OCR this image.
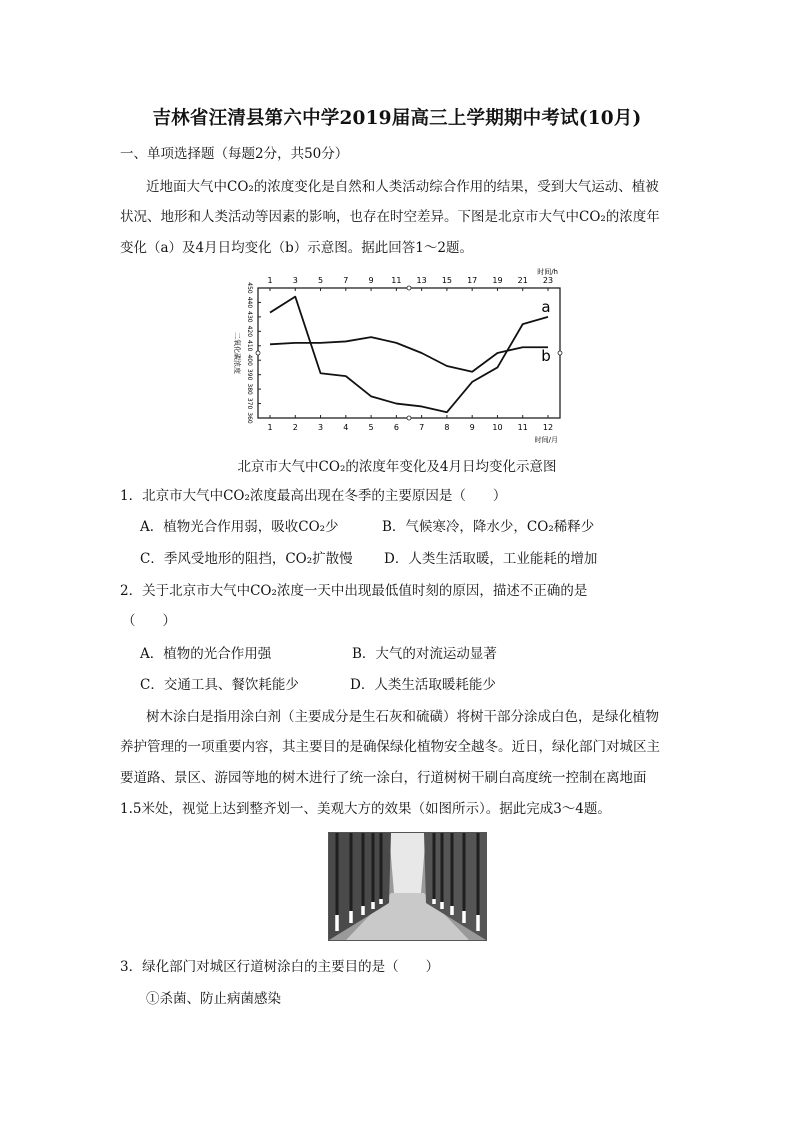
吉林省汪清县第六中学2019届高三上学期期中考试(10月)
一、单项选择题（每题2分，共50分）
近地面大气中CO₂的浓度变化是自然和人类活动综合作用的结果，受到大气运动、植被
状况、地形和人类活动等因素的影响，也存在时空差异。下图是北京市大气中CO₂的浓度年
变化（a）及4月日均变化（b）示意图。据此回答1～2题。
1	3	5	7	9 11 13 15 17 19 21 23
时间/h
1	2	3	4	5	6	7	8	9 10 11 12
时间/月
360
370
380
390
400
410
420
430
440
450
二氧化碳浓度
a
b
北京市大气中CO₂的浓度年变化及4月日均变化示意图
1．北京市大气中CO₂浓度最高出现在冬季的主要原因是（　　）
A．植物光合作用弱，吸收CO₂少	B．气候寒冷，降水少，CO₂稀释少
C．季风受地形的阻挡，CO₂扩散慢 D．人类生活取暖，工业能耗的增加
2．关于北京市大气中CO₂浓度一天中出现最低值时刻的原因，描述不正确的是
（　　）
A．植物的光合作用强	B．大气的对流运动显著
C．交通工具、餐饮耗能少	D．人类生活取暖耗能少
树木涂白是指用涂白剂（主要成分是生石灰和硫磺）将树干部分涂成白色，是绿化植物
养护管理的一项重要内容，其主要目的是确保绿化植物安全越冬。近日，绿化部门对城区主
要道路、景区、游园等地的树木进行了统一涂白，行道树树干刷白高度统一控制在离地面
1.5米处，视觉上达到整齐划一、美观大方的效果（如图所示）。据此完成3～4题。
3．绿化部门对城区行道树涂白的主要目的是（　　）
①杀菌、防止病菌感染
